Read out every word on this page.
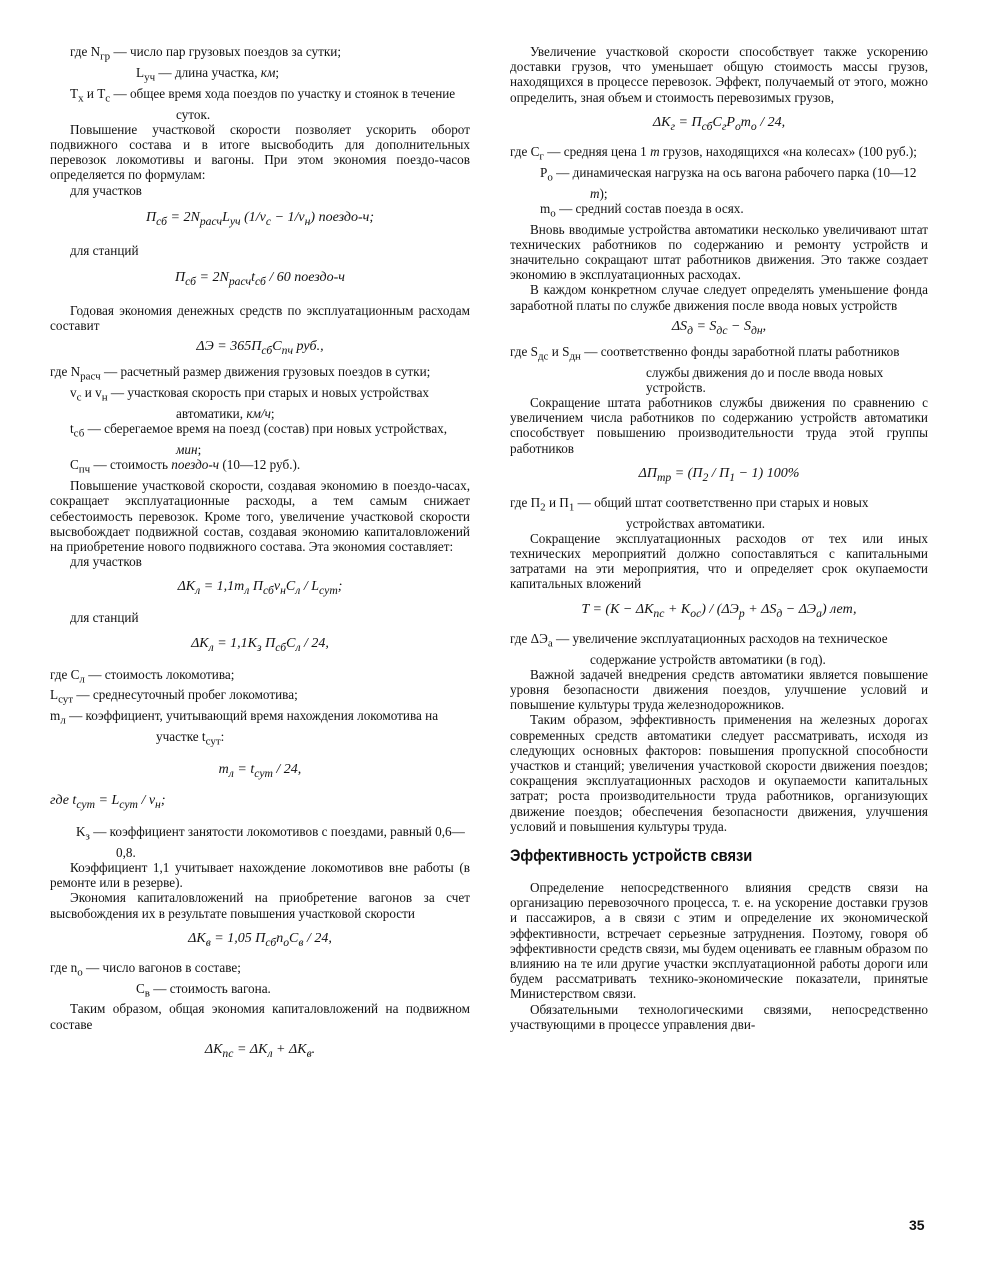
где $N_{гр}$ — число пар грузовых поездов за сутки;

$L_{уч}$ — длина участка, км;

$T_х$ и $T_с$ — общее время хода поездов по участку и стоянок в течение суток.

Повышение участковой скорости позволяет ускорить оборот подвижного состава и в итоге высвободить для дополнительных перевозок локомотивы и вагоны. При этом экономия поездо-часов определяется по формулам:

для участков

$П_{сб} = 2N_{расч}L_{уч}$ $(1/v_с - 1/v_н)$ поездо-ч;

для станций

$П_{сб} = 2N_{расч}t_{сб} / 60$ поездо-ч

Годовая экономия денежных средств по эксплуатационным расходам составит

$\Delta Э = 365П_{сб}С_{пч}$ руб.,

где $N_{расч}$ — расчетный размер движения грузовых поездов в сутки;

$v_с$ и $v_н$ — участковая скорость при старых и новых устройствах автоматики, км/ч;

$t_{сб}$ — сберегаемое время на поезд (состав) при новых устройствах, мин;

$С_{пч}$ — стоимость поездо-ч (10—12 руб.).

Повышение участковой скорости, создавая экономию в поездо-часах, сокращает эксплуатационные расходы, а тем самым снижает себестоимость перевозок. Кроме того, увеличение участковой скорости высвобождает подвижной состав, создавая экономию капиталовложений на приобретение нового подвижного состава. Эта экономия составляет:

для участков

$\Delta K_л = 1,1m_л$ $П_{сб}v_нС_л / L_{сут}$;

для станций

$\Delta K_л = 1,1K_з$ $П_{сб}С_л / 24$,

где $С_л$ — стоимость локомотива;

$L_{сут}$ — среднесуточный пробег локомотива;

$m_л$ — коэффициент, учитывающий время нахождения локомотива на участке $t_{сут}$:

$m_л = t_{сут} / 24$,
где $t_{сут} = L_{сут} / v_н$;

$K_з$ — коэффициент занятости локомотивов с поездами, равный 0,6—0,8.

Коэффициент 1,1 учитывает нахождение локомотивов вне работы (в ремонте или в резерве).

Экономия капиталовложений на приобретение вагонов за счет высвобождения их в результате повышения участковой скорости

$\Delta K_в = 1,05$ $П_{сб}n_оС_в / 24$,

где $n_о$ — число вагонов в составе;

$С_в$ — стоимость вагона.

Таким образом, общая экономия капиталовложений на подвижном составе

$\Delta K_{пс} = \Delta K_л + \Delta K_в$.

Увеличение участковой скорости способствует также ускорению доставки грузов, что уменьшает общую стоимость массы грузов, находящихся в процессе перевозок. Эффект, получаемый от этого, можно определить, зная объем и стоимость перевозимых грузов,

$\Delta K_г = П_{сб}С_гP_оm_о / 24$,

где $С_г$ — средняя цена 1 т грузов, находящихся «на колесах» (100 руб.);

$P_о$ — динамическая нагрузка на ось вагона рабочего парка (10—12 т);

$m_о$ — средний состав поезда в осях.

Вновь вводимые устройства автоматики несколько увеличивают штат технических работников по содержанию и ремонту устройств и значительно сокращают штат работников движения. Это также создает экономию в эксплуатационных расходах.

В каждом конкретном случае следует определять уменьшение фонда заработной платы по службе движения после ввода новых устройств

$\Delta S_д = S_{дс} - S_{дн}$,

где $S_{дс}$ и $S_{дн}$ — соответственно фонды заработной платы работников службы движения до и после ввода новых устройств.

Сокращение штата работников службы движения по сравнению с увеличением числа работников по содержанию устройств автоматики способствует повышению производительности труда этой группы работников

$\Delta П_{тр} = (П_2 / П_1 - 1)$ 100%

где $П_2$ и $П_1$ — общий штат соответственно при старых и новых устройствах автоматики.

Сокращение эксплуатационных расходов от тех или иных технических мероприятий должно сопоставляться с капитальными затратами на эти мероприятия, что и определяет срок окупаемости капитальных вложений

$T = (K - \Delta K_{пс} + K_{ос}) / (\Delta Э_р + \Delta S_д - \Delta Э_а)$ лет,

где $\Delta Э_а$ — увеличение эксплуатационных расходов на техническое содержание устройств автоматики (в год).

Важной задачей внедрения средств автоматики является повышение уровня безопасности движения поездов, улучшение условий и повышение культуры труда железнодорожников.

Таким образом, эффективность применения на железных дорогах современных средств автоматики следует рассматривать, исходя из следующих основных факторов: повышения пропускной способности участков и станций; увеличения участковой скорости движения поездов; сокращения эксплуатационных расходов и окупаемости капитальных затрат; роста производительности труда работников, организующих движение поездов; обеспечения безопасности движения, улучшения условий и повышения культуры труда.

Эффективность устройств связи

Определение непосредственного влияния средств связи на организацию перевозочного процесса, т. е. на ускорение доставки грузов и пассажиров, а в связи с этим и определение их экономической эффективности, встречает серьезные затруднения. Поэтому, говоря об эффективности средств связи, мы будем оценивать ее главным образом по влиянию на те или другие участки эксплуатационной работы дороги или будем рассматривать технико-экономические показатели, принятые Министерством связи.

Обязательными технологическими связями, непосредственно участвующими в процессе управления дви-

35
